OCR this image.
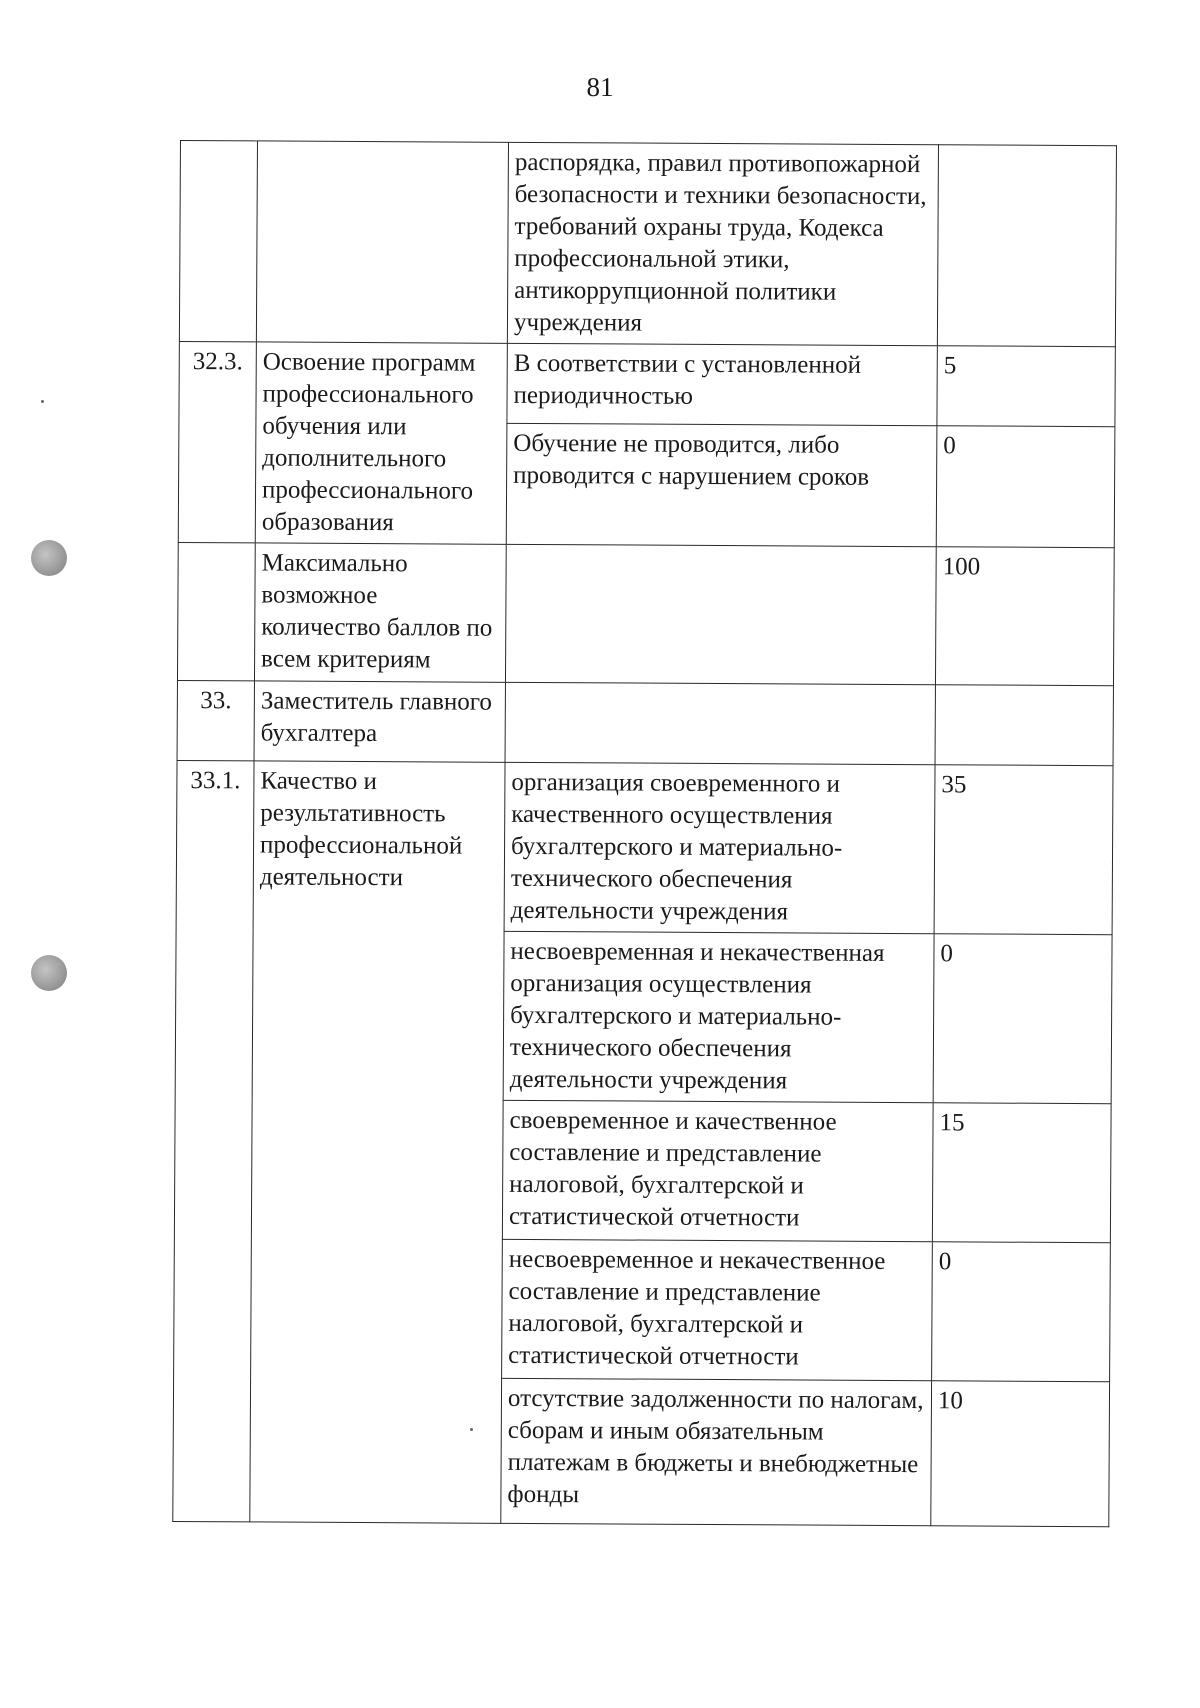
81
		распорядка, правил противопожарной безопасности и техники безопасности, требований охраны труда, Кодекса профессиональной этики, антикоррупционной политики учреждения	
32.3.	Освоение программ профессионального обучения или дополнительного профессионального образования	В соответствии с установленной периодичностью	5
		Обучение не проводится, либо проводится с нарушением сроков	0
	Максимально возможное количество баллов по всем критериям		100
33.	Заместитель главного бухгалтера		
33.1.	Качество и результативность профессиональной деятельности	организация своевременного и качественного осуществления бухгалтерского и материально-технического обеспечения деятельности учреждения	35
		несвоевременная и некачественная организация осуществления бухгалтерского и материально-технического обеспечения деятельности учреждения	0
		своевременное и качественное составление и представление налоговой, бухгалтерской и статистической отчетности	15
		несвоевременное и некачественное составление и представление налоговой, бухгалтерской и статистической отчетности	0
		отсутствие задолженности по налогам, сборам и иным обязательным платежам в бюджеты и внебюджетные фонды	10
